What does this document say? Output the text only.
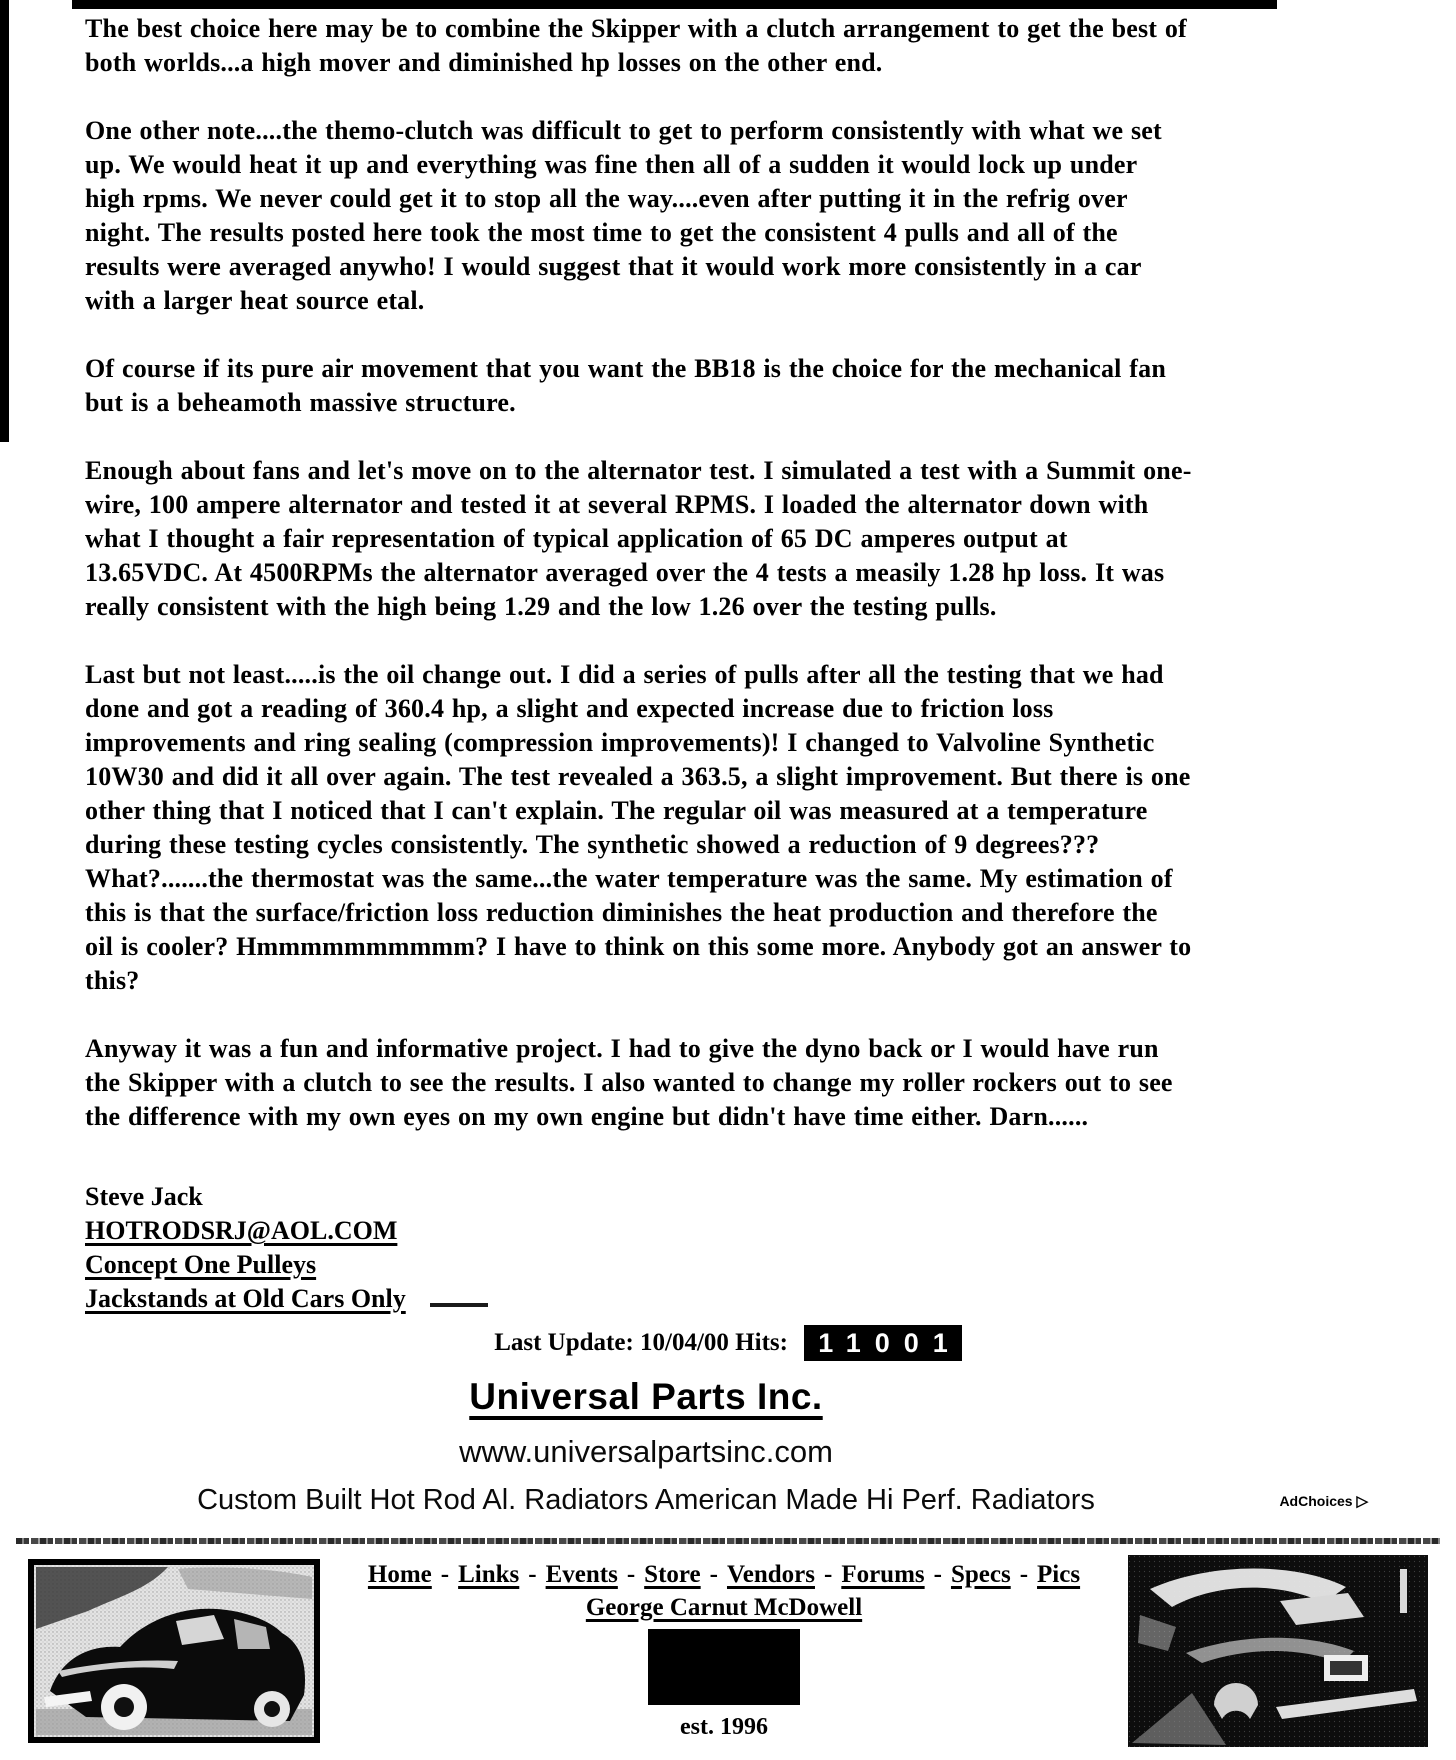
The best choice here may be to combine the Skipper with a clutch arrangement to get the best of both worlds...a high mover and diminished hp losses on the other end.

One other note....the themo-clutch was difficult to get to perform consistently with what we set up. We would heat it up and everything was fine then all of a sudden it would lock up under high rpms. We never could get it to stop all the way....even after putting it in the refrig over night. The results posted here took the most time to get the consistent 4 pulls and all of the results were averaged anywho! I would suggest that it would work more consistently in a car with a larger heat source etal.

Of course if its pure air movement that you want the BB18 is the choice for the mechanical fan but is a beheamoth massive structure.

Enough about fans and let's move on to the alternator test. I simulated a test with a Summit one-wire, 100 ampere alternator and tested it at several RPMS. I loaded the alternator down with what I thought a fair representation of typical application of 65 DC amperes output at 13.65VDC. At 4500RPMs the alternator averaged over the 4 tests a measily 1.28 hp loss. It was really consistent with the high being 1.29 and the low 1.26 over the testing pulls.

Last but not least.....is the oil change out. I did a series of pulls after all the testing that we had done and got a reading of 360.4 hp, a slight and expected increase due to friction loss improvements and ring sealing (compression improvements)! I changed to Valvoline Synthetic 10W30 and did it all over again. The test revealed a 363.5, a slight improvement. But there is one other thing that I noticed that I can't explain. The regular oil was measured at a temperature during these testing cycles consistently. The synthetic showed a reduction of 9 degrees??? What?.......the thermostat was the same...the water temperature was the same. My estimation of this is that the surface/friction loss reduction diminishes the heat production and therefore the oil is cooler? Hmmmmmmmmmm? I have to think on this some more. Anybody got an answer to this?

Anyway it was a fun and informative project. I had to give the dyno back or I would have run the Skipper with a clutch to see the results. I also wanted to change my roller rockers out to see the difference with my own eyes on my own engine but didn't have time either. Darn......

Steve Jack
HOTRODSRJ@AOL.COM
Concept One Pulleys
Jackstands at Old Cars Only
Last Update: 10/04/00 Hits: 11001
Universal Parts Inc.
www.universalpartsinc.com
Custom Built Hot Rod Al. Radiators American Made Hi Perf. Radiators	AdChoices ▷
Home - Links - Events - Store - Vendors - Forums - Specs - Pics
George Carnut McDowell
est. 1996
